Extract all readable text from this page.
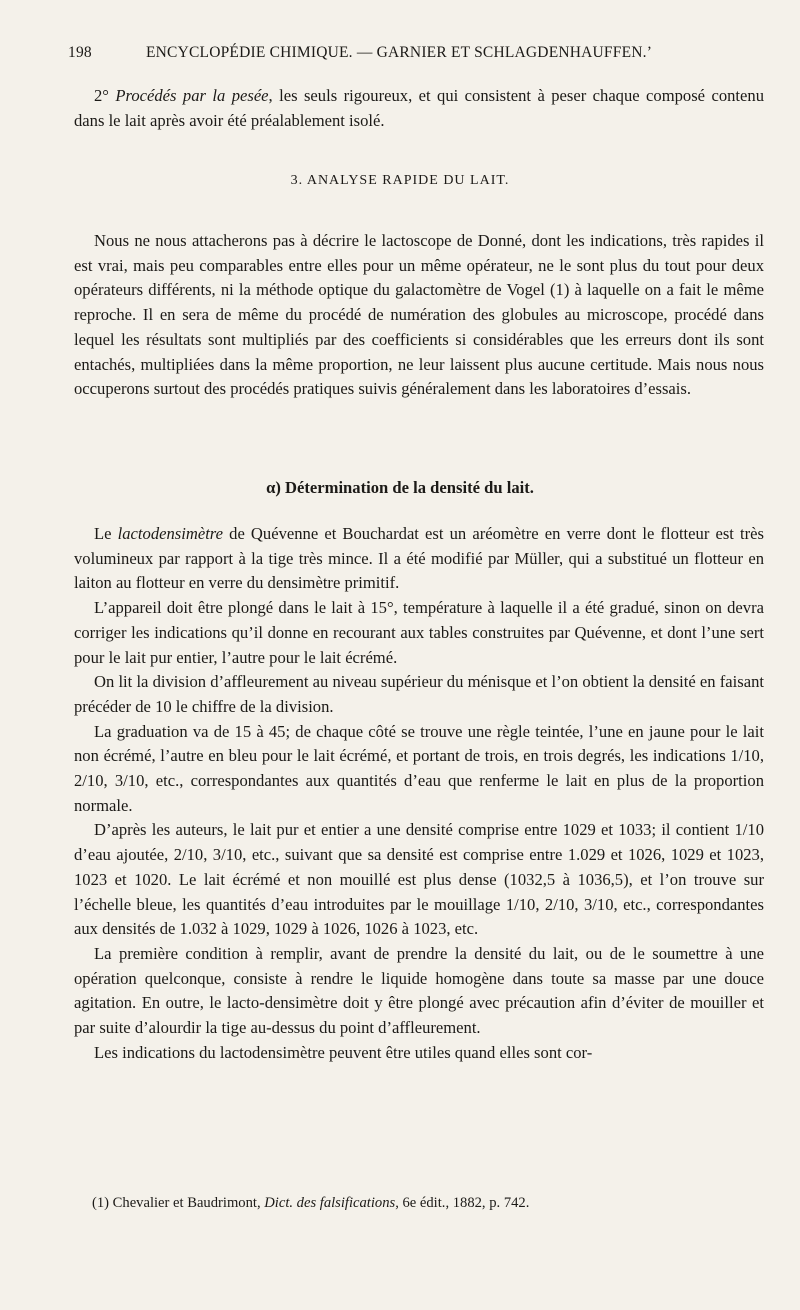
198	ENCYCLOPÉDIE CHIMIQUE. — GARNIER ET SCHLAGDENHAUFFEN.’

2° Procédés par la pesée, les seuls rigoureux, et qui consistent à peser chaque composé contenu dans le lait après avoir été préalablement isolé.

3. ANALYSE RAPIDE DU LAIT.

Nous ne nous attacherons pas à décrire le lactoscope de Donné, dont les indications, très rapides il est vrai, mais peu comparables entre elles pour un même opérateur, ne le sont plus du tout pour deux opérateurs différents, ni la méthode optique du galactomètre de Vogel (1) à laquelle on a fait le même reproche. Il en sera de même du procédé de numération des globules au microscope, procédé dans lequel les résultats sont multipliés par des coefficients si considérables que les erreurs dont ils sont entachés, multipliées dans la même proportion, ne leur laissent plus aucune certitude. Mais nous nous occuperons surtout des procédés pratiques suivis généralement dans les laboratoires d’essais.

α) Détermination de la densité du lait.

Le lactodensimètre de Quévenne et Bouchardat est un aréomètre en verre dont le flotteur est très volumineux par rapport à la tige très mince. Il a été modifié par Müller, qui a substitué un flotteur en laiton au flotteur en verre du densimètre primitif.

L’appareil doit être plongé dans le lait à 15°, température à laquelle il a été gradué, sinon on devra corriger les indications qu’il donne en recourant aux tables construites par Quévenne, et dont l’une sert pour le lait pur entier, l’autre pour le lait écrémé.

On lit la division d’affleurement au niveau supérieur du ménisque et l’on obtient la densité en faisant précéder de 10 le chiffre de la division.

La graduation va de 15 à 45; de chaque côté se trouve une règle teintée, l’une en jaune pour le lait non écrémé, l’autre en bleu pour le lait écrémé, et portant de trois, en trois degrés, les indications 1/10, 2/10, 3/10, etc., correspondantes aux quantités d’eau que renferme le lait en plus de la proportion normale.

D’après les auteurs, le lait pur et entier a une densité comprise entre 1029 et 1033; il contient 1/10 d’eau ajoutée, 2/10, 3/10, etc., suivant que sa densité est comprise entre 1.029 et 1026, 1029 et 1023, 1023 et 1020. Le lait écrémé et non mouillé est plus dense (1032,5 à 1036,5), et l’on trouve sur l’échelle bleue, les quantités d’eau introduites par le mouillage 1/10, 2/10, 3/10, etc., correspondantes aux densités de 1.032 à 1029, 1029 à 1026, 1026 à 1023, etc.

La première condition à remplir, avant de prendre la densité du lait, ou de le soumettre à une opération quelconque, consiste à rendre le liquide homogène dans toute sa masse par une douce agitation. En outre, le lacto-densimètre doit y être plongé avec précaution afin d’éviter de mouiller et par suite d’alourdir la tige au-dessus du point d’affleurement.

Les indications du lactodensimètre peuvent être utiles quand elles sont cor-

(1) Chevalier et Baudrimont, Dict. des falsifications, 6e édit., 1882, p. 742.
